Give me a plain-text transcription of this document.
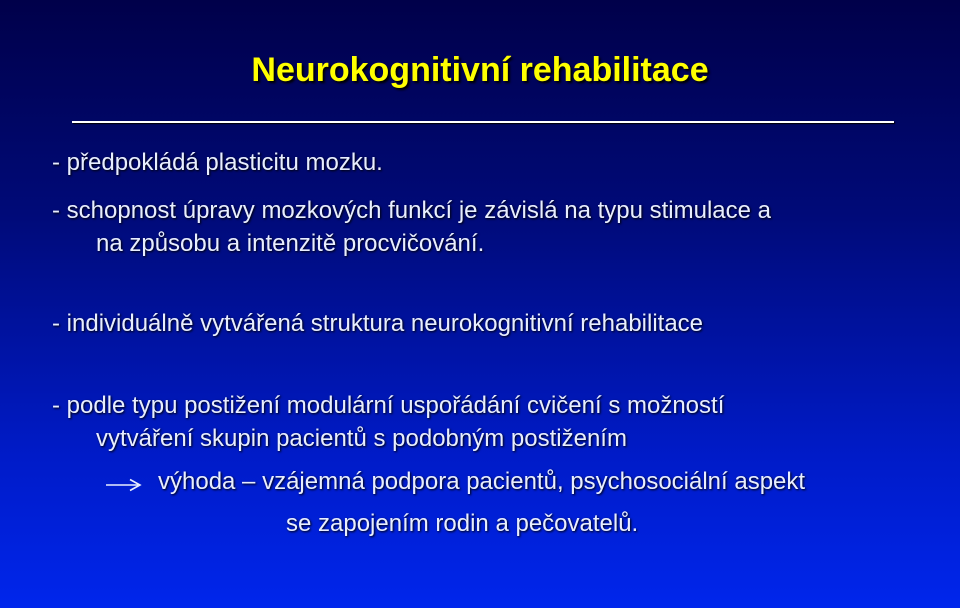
Neurokognitivní rehabilitace
- předpokládá plasticitu mozku.
- schopnost úpravy mozkových funkcí je závislá na typu stimulace a
na způsobu a intenzitě procvičování.
- individuálně vytvářená struktura neurokognitivní rehabilitace
- podle typu postižení modulární uspořádání cvičení s možností
vytváření skupin pacientů s podobným postižením
výhoda – vzájemná podpora pacientů, psychosociální aspekt
se zapojením rodin a pečovatelů.
